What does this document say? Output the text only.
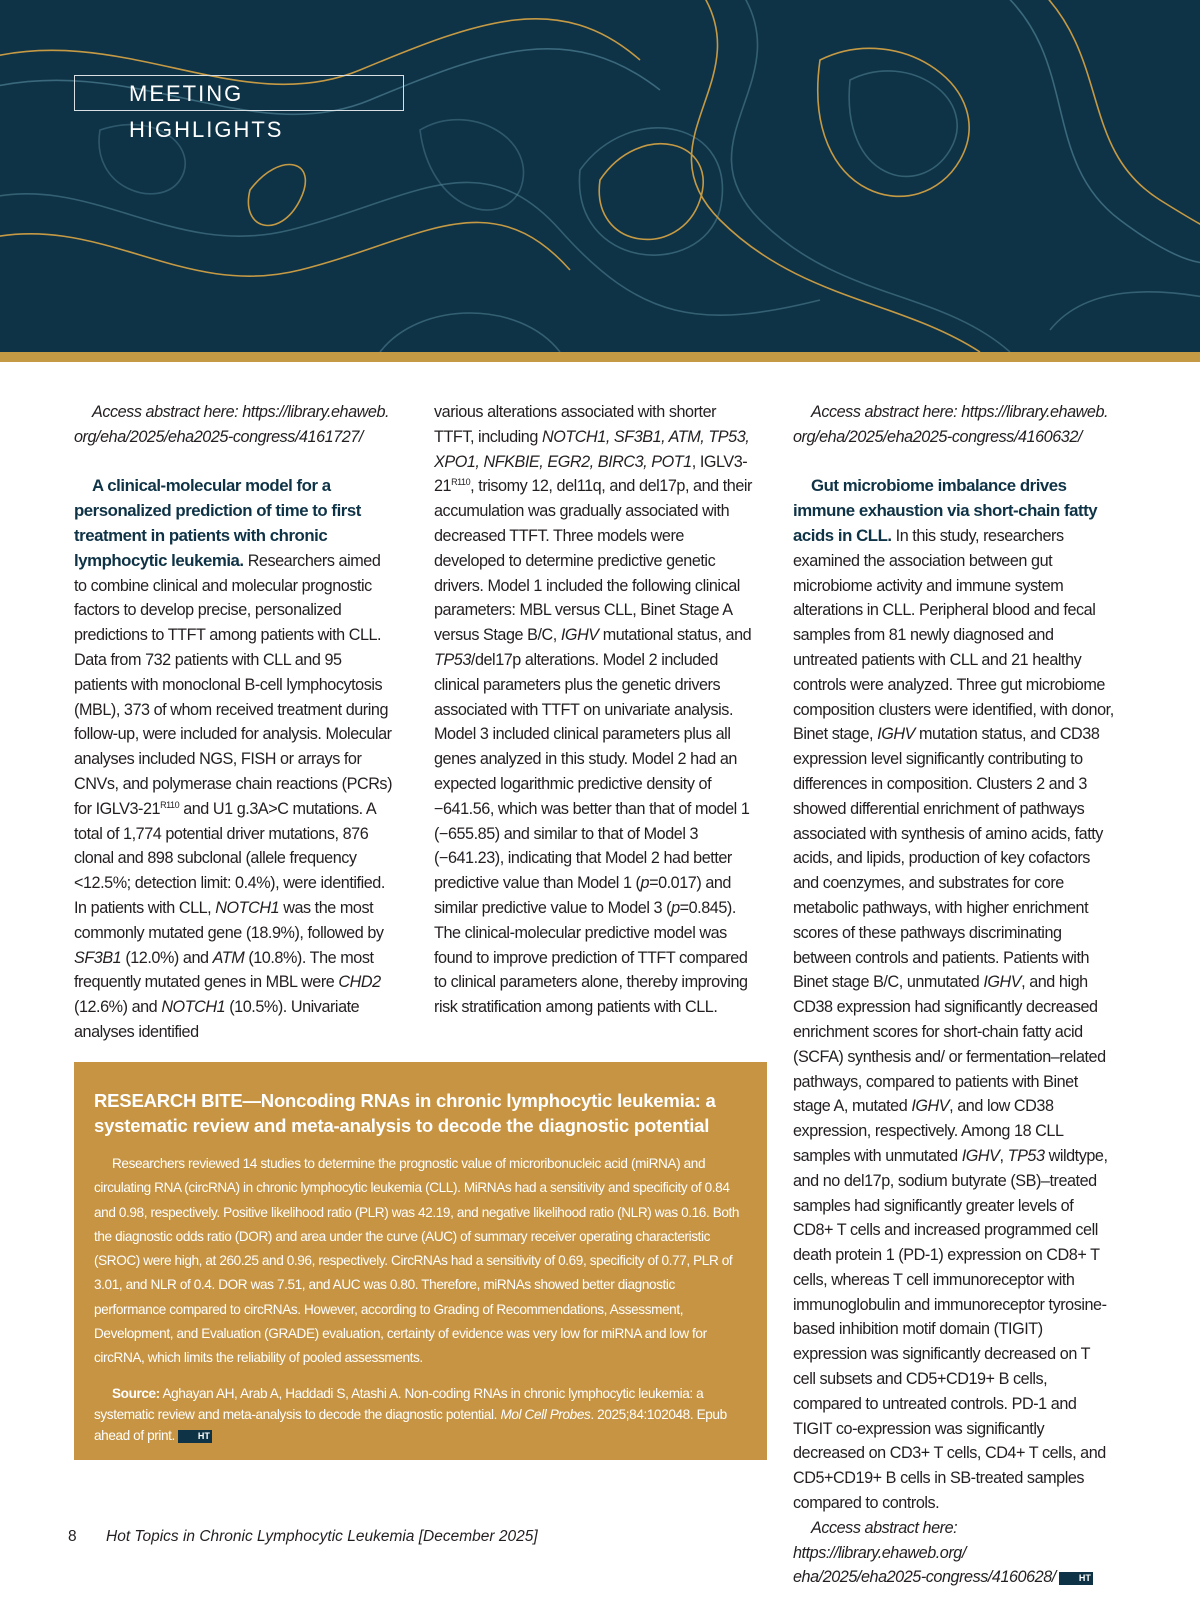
MEETING HIGHLIGHTS

Access abstract here: https://library.ehaweb.
org/eha/2025/eha2025-congress/4161727/

A clinical-molecular model for a personalized prediction of time to first treatment in patients with chronic lymphocytic leukemia. Researchers aimed to combine clinical and molecular prognostic factors to develop precise, personalized predictions to TTFT among patients with CLL. Data from 732 patients with CLL and 95 patients with monoclonal B-cell lymphocytosis (MBL), 373 of whom received treatment during follow-up, were included for analysis. Molecular analyses included NGS, FISH or arrays for CNVs, and polymerase chain reactions (PCRs) for $IGLV3-21^{R110}$ and U1 g.3A>C mutations. A total of 1,774 potential driver mutations, 876 clonal and 898 subclonal (allele frequency <12.5%; detection limit: 0.4%), were identified. In patients with CLL, NOTCH1 was the most commonly mutated gene (18.9%), followed by SF3B1 (12.0%) and ATM (10.8%). The most frequently mutated genes in MBL were CHD2 (12.6%) and NOTCH1 (10.5%). Univariate analyses identified

various alterations associated with shorter TTFT, including NOTCH1, SF3B1, ATM, TP53, XPO1, NFKBIE, EGR2, BIRC3, POT1, $IGLV3-21^{R110}$, trisomy 12, del11q, and del17p, and their accumulation was gradually associated with decreased TTFT. Three models were developed to determine predictive genetic drivers. Model 1 included the following clinical parameters: MBL versus CLL, Binet Stage A versus Stage B/C, IGHV mutational status, and TP53/del17p alterations. Model 2 included clinical parameters plus the genetic drivers associated with TTFT on univariate analysis. Model 3 included clinical parameters plus all genes analyzed in this study. Model 2 had an expected logarithmic predictive density of −641.56, which was better than that of model 1 (−655.85) and similar to that of Model 3 (−641.23), indicating that Model 2 had better predictive value than Model 1 (p=0.017) and similar predictive value to Model 3 (p=0.845). The clinical-molecular predictive model was found to improve prediction of TTFT compared to clinical parameters alone, thereby improving risk stratification among patients with CLL.

Access abstract here: https://library.ehaweb.
org/eha/2025/eha2025-congress/4160632/

Gut microbiome imbalance drives immune exhaustion via short-chain fatty acids in CLL. In this study, researchers examined the association between gut microbiome activity and immune system alterations in CLL. Peripheral blood and fecal samples from 81 newly diagnosed and untreated patients with CLL and 21 healthy controls were analyzed. Three gut microbiome composition clusters were identified, with donor, Binet stage, IGHV mutation status, and CD38 expression level significantly contributing to differences in composition. Clusters 2 and 3 showed differential enrichment of pathways associated with synthesis of amino acids, fatty acids, and lipids, production of key cofactors and coenzymes, and substrates for core metabolic pathways, with higher enrichment scores of these pathways discriminating between controls and patients. Patients with Binet stage B/C, unmutated IGHV, and high CD38 expression had significantly decreased enrichment scores for short-chain fatty acid (SCFA) synthesis and/ or fermentation–related pathways, compared to patients with Binet stage A, mutated IGHV, and low CD38 expression, respectively. Among 18 CLL samples with unmutated IGHV, TP53 wildtype, and no del17p, sodium butyrate (SB)–treated samples had significantly greater levels of CD8+ T cells and increased programmed cell death protein 1 (PD-1) expression on CD8+ T cells, whereas T cell immunoreceptor with immunoglobulin and immunoreceptor tyrosine-based inhibition motif domain (TIGIT) expression was significantly decreased on T cell subsets and CD5+CD19+ B cells, compared to untreated controls. PD-1 and TIGIT co-expression was significantly decreased on CD3+ T cells, CD4+ T cells, and CD5+CD19+ B cells in SB-treated samples compared to controls.

Access abstract here: https://library.ehaweb.org/
eha/2025/eha2025-congress/4160628/	HT

RESEARCH BITE—Noncoding RNAs in chronic lymphocytic leukemia: a systematic review and meta-analysis to decode the diagnostic potential

Researchers reviewed 14 studies to determine the prognostic value of microribonucleic acid (miRNA) and circulating RNA (circRNA) in chronic lymphocytic leukemia (CLL). MiRNAs had a sensitivity and specificity of 0.84 and 0.98, respectively. Positive likelihood ratio (PLR) was 42.19, and negative likelihood ratio (NLR) was 0.16. Both the diagnostic odds ratio (DOR) and area under the curve (AUC) of summary receiver operating characteristic (SROC) were high, at 260.25 and 0.96, respectively. CircRNAs had a sensitivity of 0.69, specificity of 0.77, PLR of 3.01, and NLR of 0.4. DOR was 7.51, and AUC was 0.80. Therefore, miRNAs showed better diagnostic performance compared to circRNAs. However, according to Grading of Recommendations, Assessment, Development, and Evaluation (GRADE) evaluation, certainty of evidence was very low for miRNA and low for circRNA, which limits the reliability of pooled assessments.

Source: Aghayan AH, Arab A, Haddadi S, Atashi A. Non-coding RNAs in chronic lymphocytic leukemia: a systematic review and meta-analysis to decode the diagnostic potential. Mol Cell Probes. 2025;84:102048. Epub ahead of print.	HT

8 Hot Topics in Chronic Lymphocytic Leukemia [December 2025]
